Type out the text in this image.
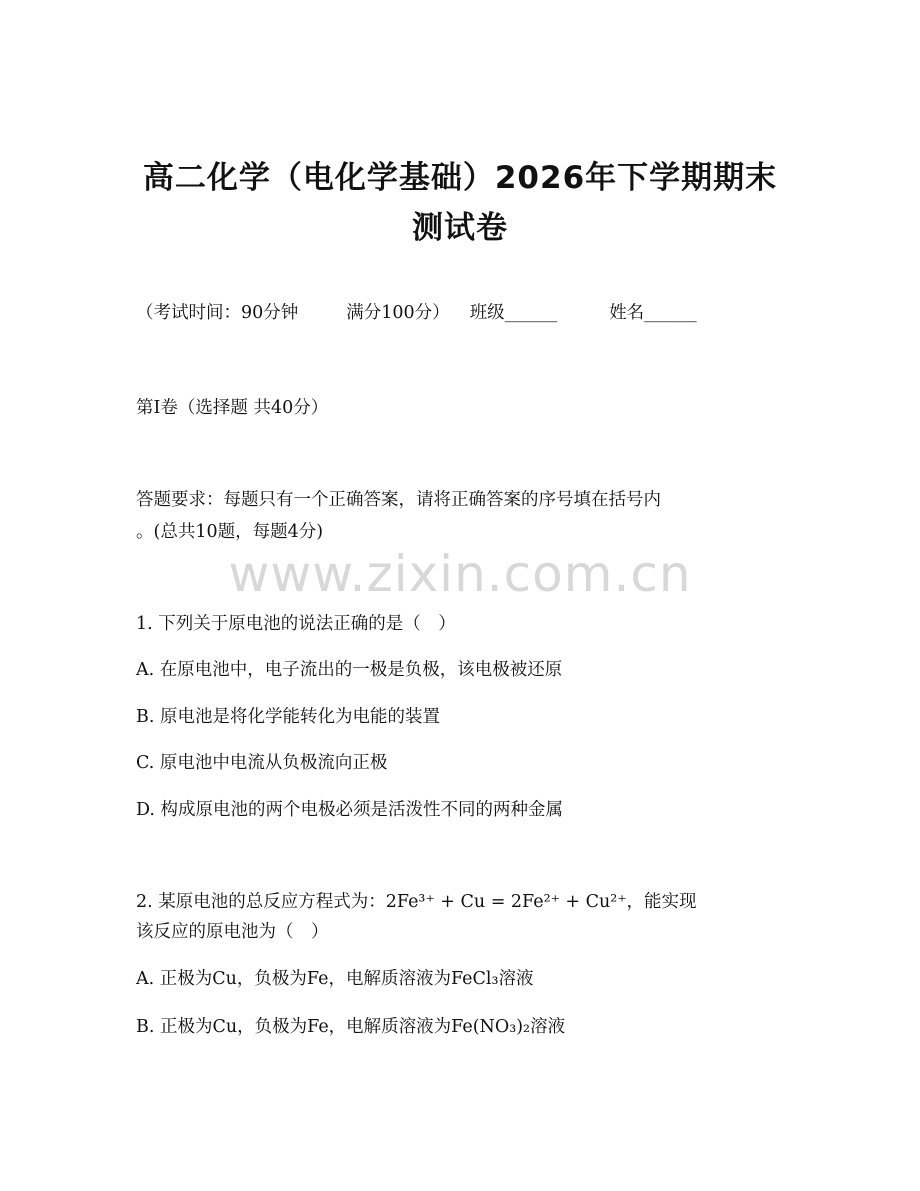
高二化学（电化学基础）2026年下学期期末
测试卷
（考试时间：90分钟	满分100分） 班级______	姓名______
第Ⅰ卷（选择题 共40分）
答题要求：每题只有一个正确答案，请将正确答案的序号填在括号内
。(总共10题，每题4分)
www.zixin.com.cn
1. 下列关于原电池的说法正确的是（　）
A. 在原电池中，电子流出的一极是负极，该电极被还原
B. 原电池是将化学能转化为电能的装置
C. 原电池中电流从负极流向正极
D. 构成原电池的两个电极必须是活泼性不同的两种金属
2. 某原电池的总反应方程式为：2Fe³⁺ + Cu = 2Fe²⁺ + Cu²⁺，能实现
该反应的原电池为（　）
A. 正极为Cu，负极为Fe，电解质溶液为FeCl₃溶液
B. 正极为Cu，负极为Fe，电解质溶液为Fe(NO₃)₂溶液
